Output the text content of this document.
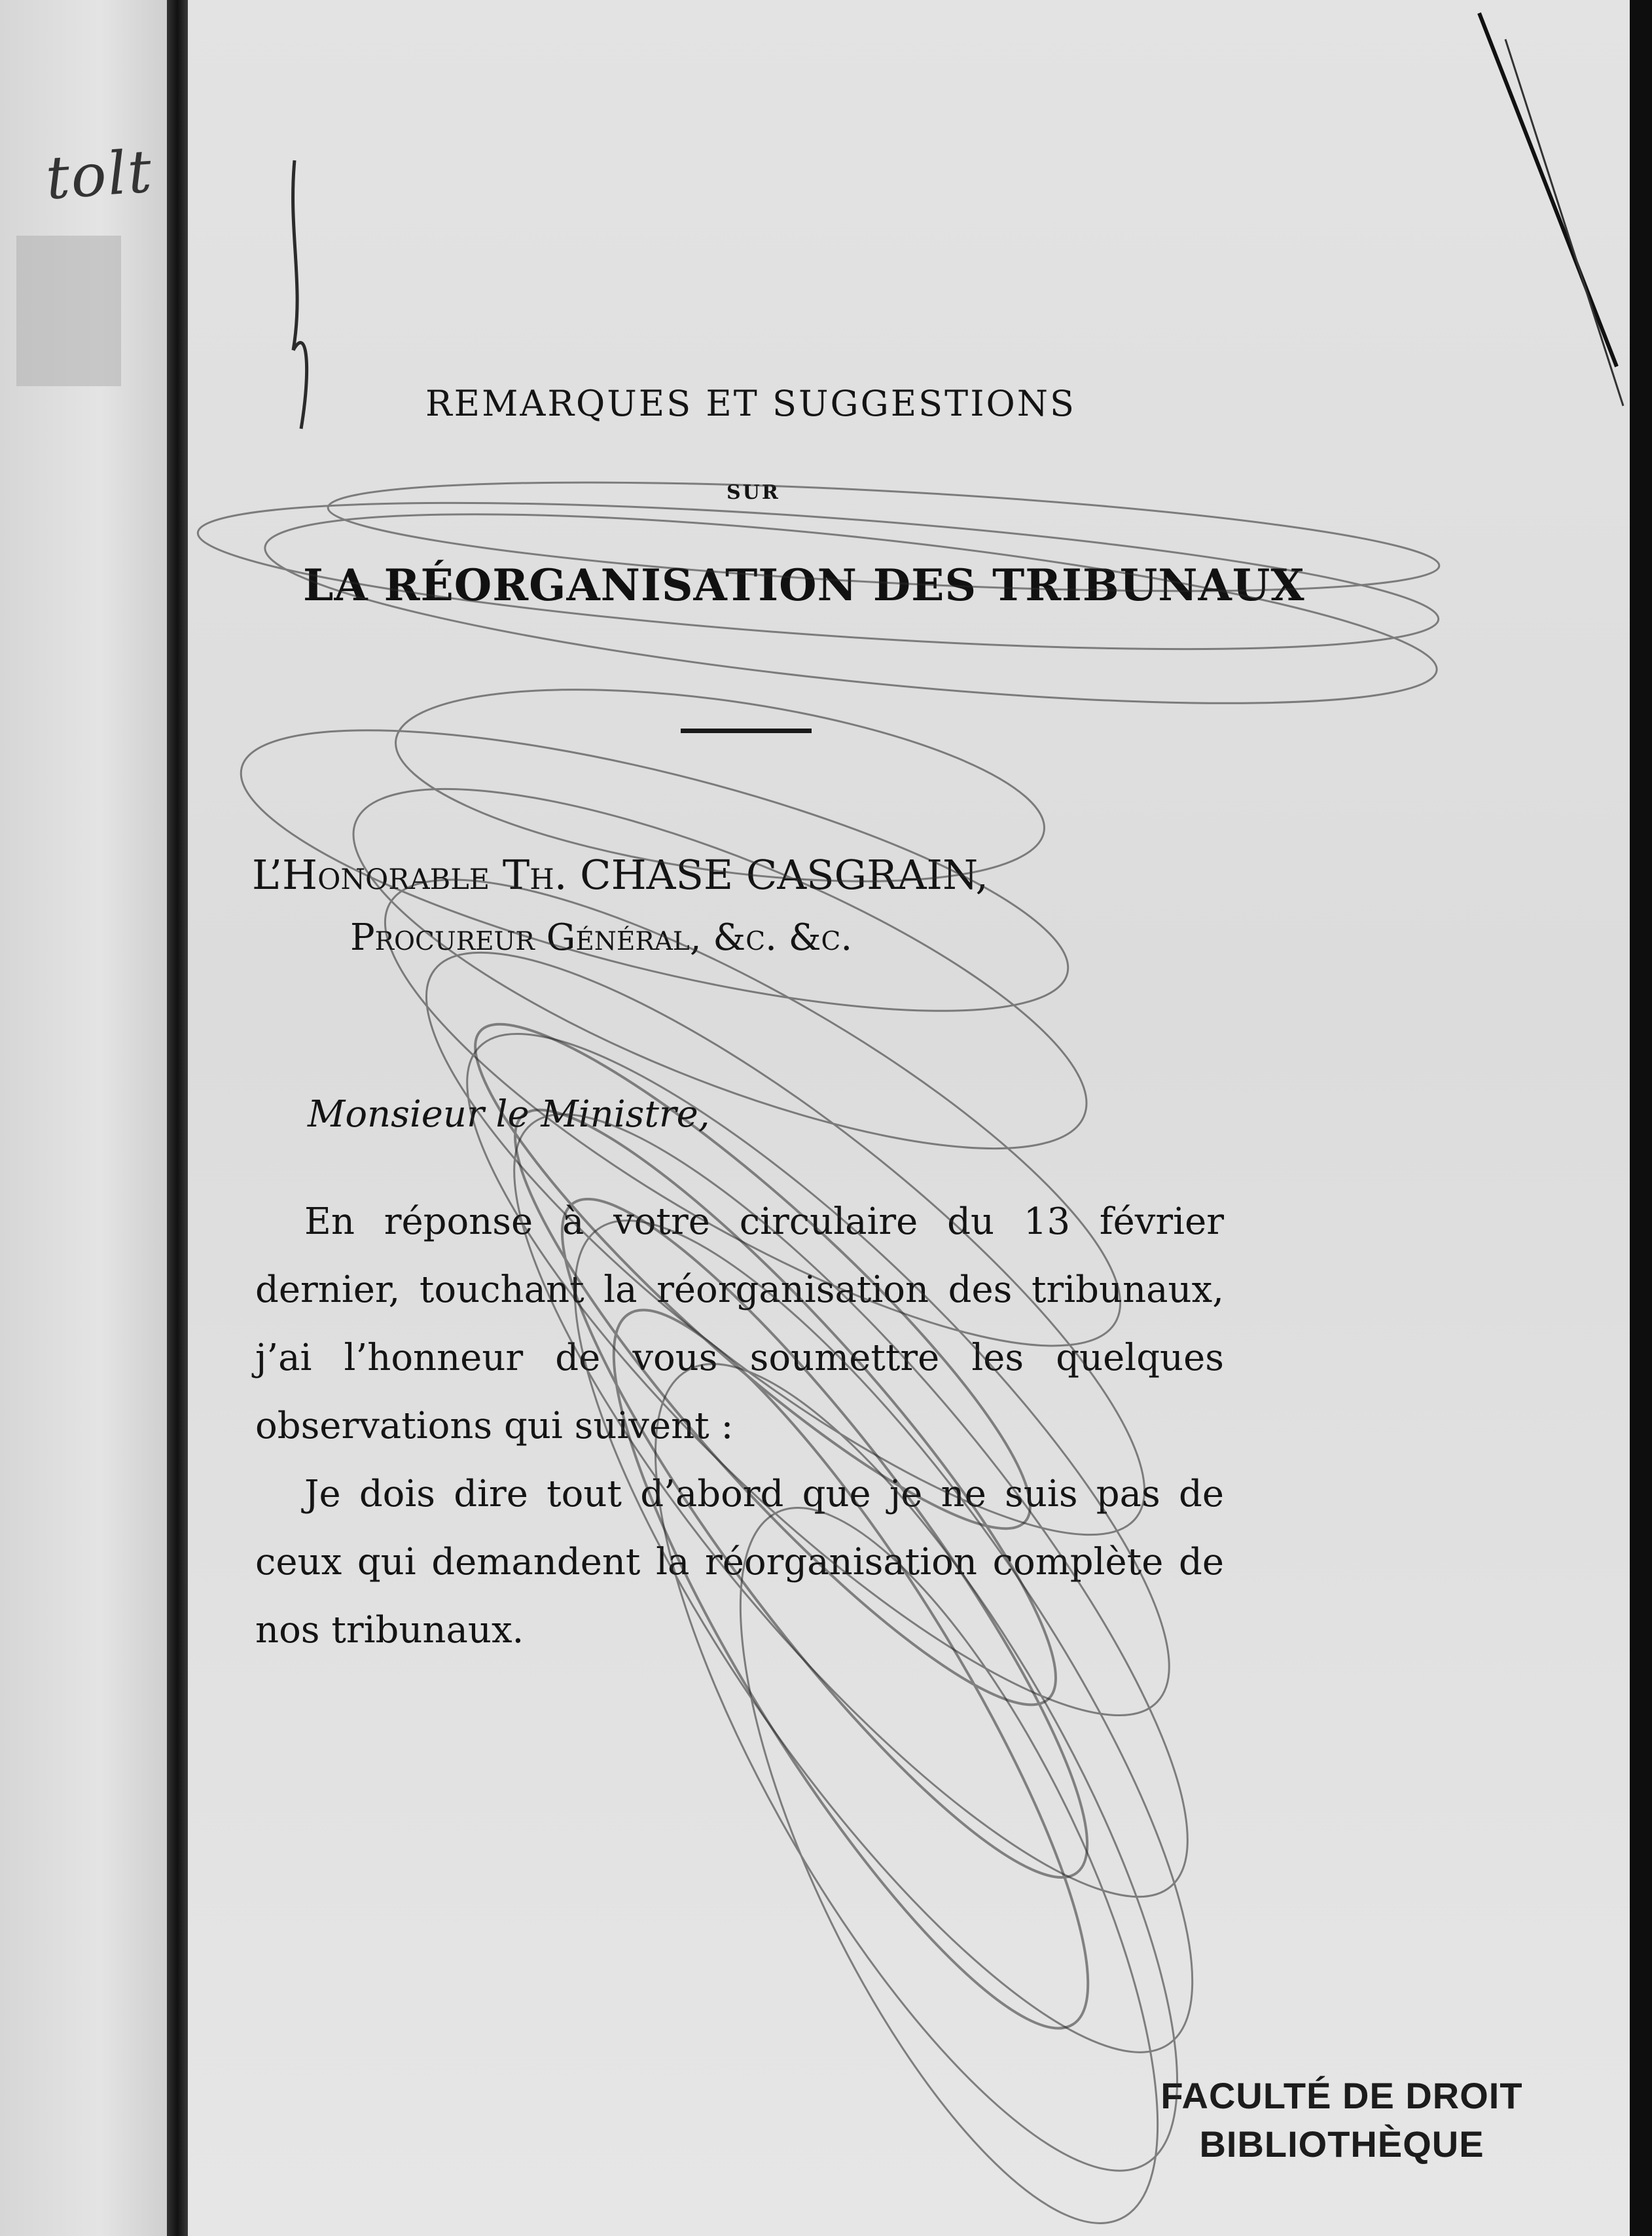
tolt
REMARQUES ET SUGGESTIONS
SUR
LA RÉORGANISATION DES TRIBUNAUX
L’Honorable Th. CHASE CASGRAIN,
Procureur Général, &c. &c.
Monsieur le Ministre,

En réponse à votre circulaire du 13 février dernier, touchant la réorganisation des tribunaux, j’ai l’honneur de vous soumettre les quelques observations qui suivent :

Je dois dire tout d’abord que je ne suis pas de ceux qui demandent la réorganisation complète de nos tribunaux.

FACULTÉ DE DROIT
BIBLIOTHÈQUE
